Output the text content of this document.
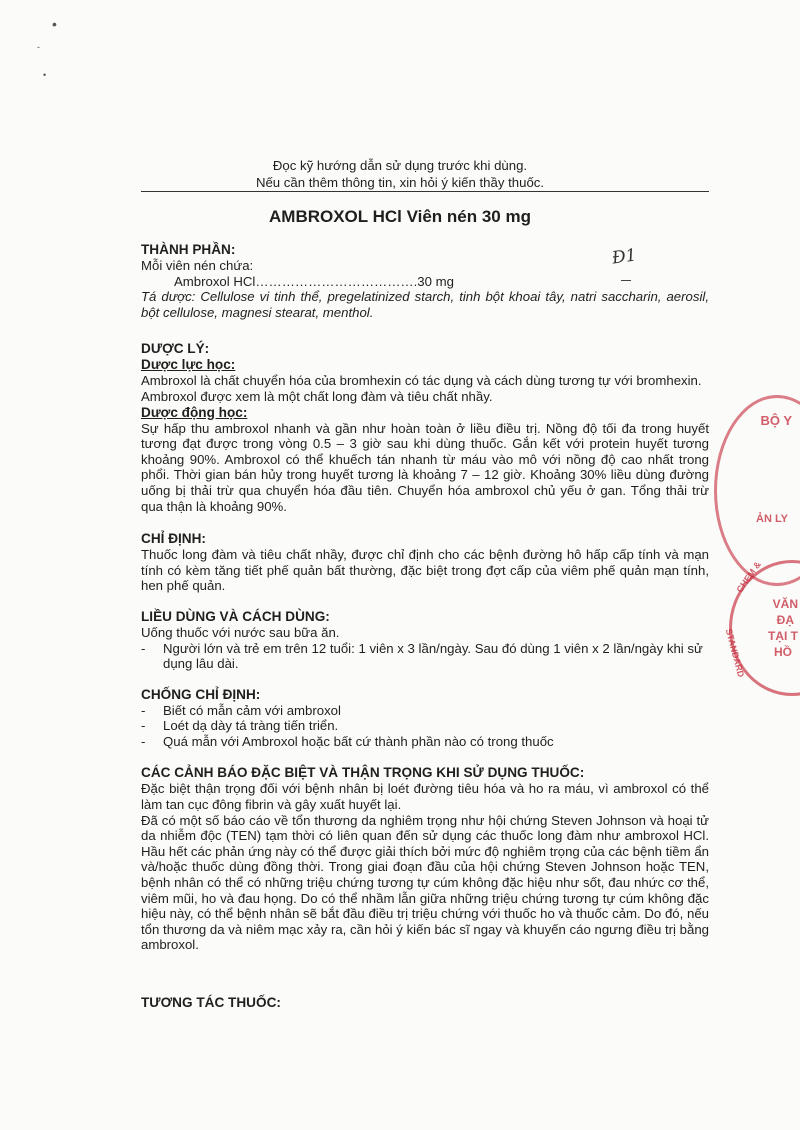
•
-
•
Đọc kỹ hướng dẫn sử dụng trước khi dùng.
Nếu cần thêm thông tin, xin hỏi ý kiến thầy thuốc.
AMBROXOL HCl Viên nén 30 mg
Đ1

THÀNH PHẦN:

Mỗi viên nén chứa:

Ambroxol HCl……………………………….30 mg

Tá dược: Cellulose vi tinh thể, pregelatinized starch, tinh bột khoai tây, natri saccharin, aerosil, bột cellulose, magnesi stearat, menthol.

DƯỢC LÝ:

Dược lực học:

Ambroxol là chất chuyển hóa của bromhexin có tác dụng và cách dùng tương tự với bromhexin. Ambroxol được xem là một chất long đàm và tiêu chất nhầy.

Dược động học:

Sự hấp thu ambroxol nhanh và gần như hoàn toàn ở liều điều trị. Nồng độ tối đa trong huyết tương đạt được trong vòng 0.5 – 3 giờ sau khi dùng thuốc. Gắn kết với protein huyết tương khoảng 90%. Ambroxol có thể khuếch tán nhanh từ máu vào mô với nồng độ cao nhất trong phổi. Thời gian bán hủy trong huyết tương là khoảng 7 – 12 giờ. Khoảng 30% liều dùng đường uống bị thải trừ qua chuyển hóa đầu tiên. Chuyển hóa ambroxol chủ yếu ở gan. Tổng thải trừ qua thận là khoảng 90%.

CHỈ ĐỊNH:

Thuốc long đàm và tiêu chất nhầy, được chỉ định cho các bệnh đường hô hấp cấp tính và mạn tính có kèm tăng tiết phế quản bất thường, đặc biệt trong đợt cấp của viêm phế quản mạn tính, hen phế quản.

LIỀU DÙNG VÀ CÁCH DÙNG:

Uống thuốc với nước sau bữa ăn.

- Người lớn và trẻ em trên 12 tuổi: 1 viên x 3 lần/ngày. Sau đó dùng 1 viên x 2 lần/ngày khi sử dụng lâu dài.

CHỐNG CHỈ ĐỊNH:

- Biết có mẫn cảm với ambroxol
- Loét dạ dày tá tràng tiến triển.
- Quá mẫn với Ambroxol hoặc bất cứ thành phần nào có trong thuốc

CÁC CẢNH BÁO ĐẶC BIỆT VÀ THẬN TRỌNG KHI SỬ DỤNG THUỐC:

Đặc biệt thận trọng đối với bệnh nhân bị loét đường tiêu hóa và ho ra máu, vì ambroxol có thể làm tan cục đông fibrin và gây xuất huyết lại.

Đã có một số báo cáo về tổn thương da nghiêm trọng như hội chứng Steven Johnson và hoại tử da nhiễm độc (TEN) tạm thời có liên quan đến sử dụng các thuốc long đàm như ambroxol HCl. Hầu hết các phản ứng này có thể được giải thích bởi mức độ nghiêm trọng của các bệnh tiềm ẩn và/hoặc thuốc dùng đồng thời. Trong giai đoạn đầu của hội chứng Steven Johnson hoặc TEN, bệnh nhân có thể có những triệu chứng tương tự cúm không đặc hiệu như sốt, đau nhức cơ thể, viêm mũi, ho và đau họng. Do có thể nhầm lẫn giữa những triệu chứng tương tự cúm không đặc hiệu này, có thể bệnh nhân sẽ bắt đầu điều trị triệu chứng với thuốc ho và thuốc cảm. Do đó, nếu tổn thương da và niêm mạc xảy ra, cần hỏi ý kiến bác sĩ ngay và khuyến cáo ngưng điều trị bằng ambroxol.

TƯƠNG TÁC THUỐC:

BỘ Y
ẢN LY
VĂN
ĐẠ
TẠI T
HỒ
CHEM &
STANDARD
